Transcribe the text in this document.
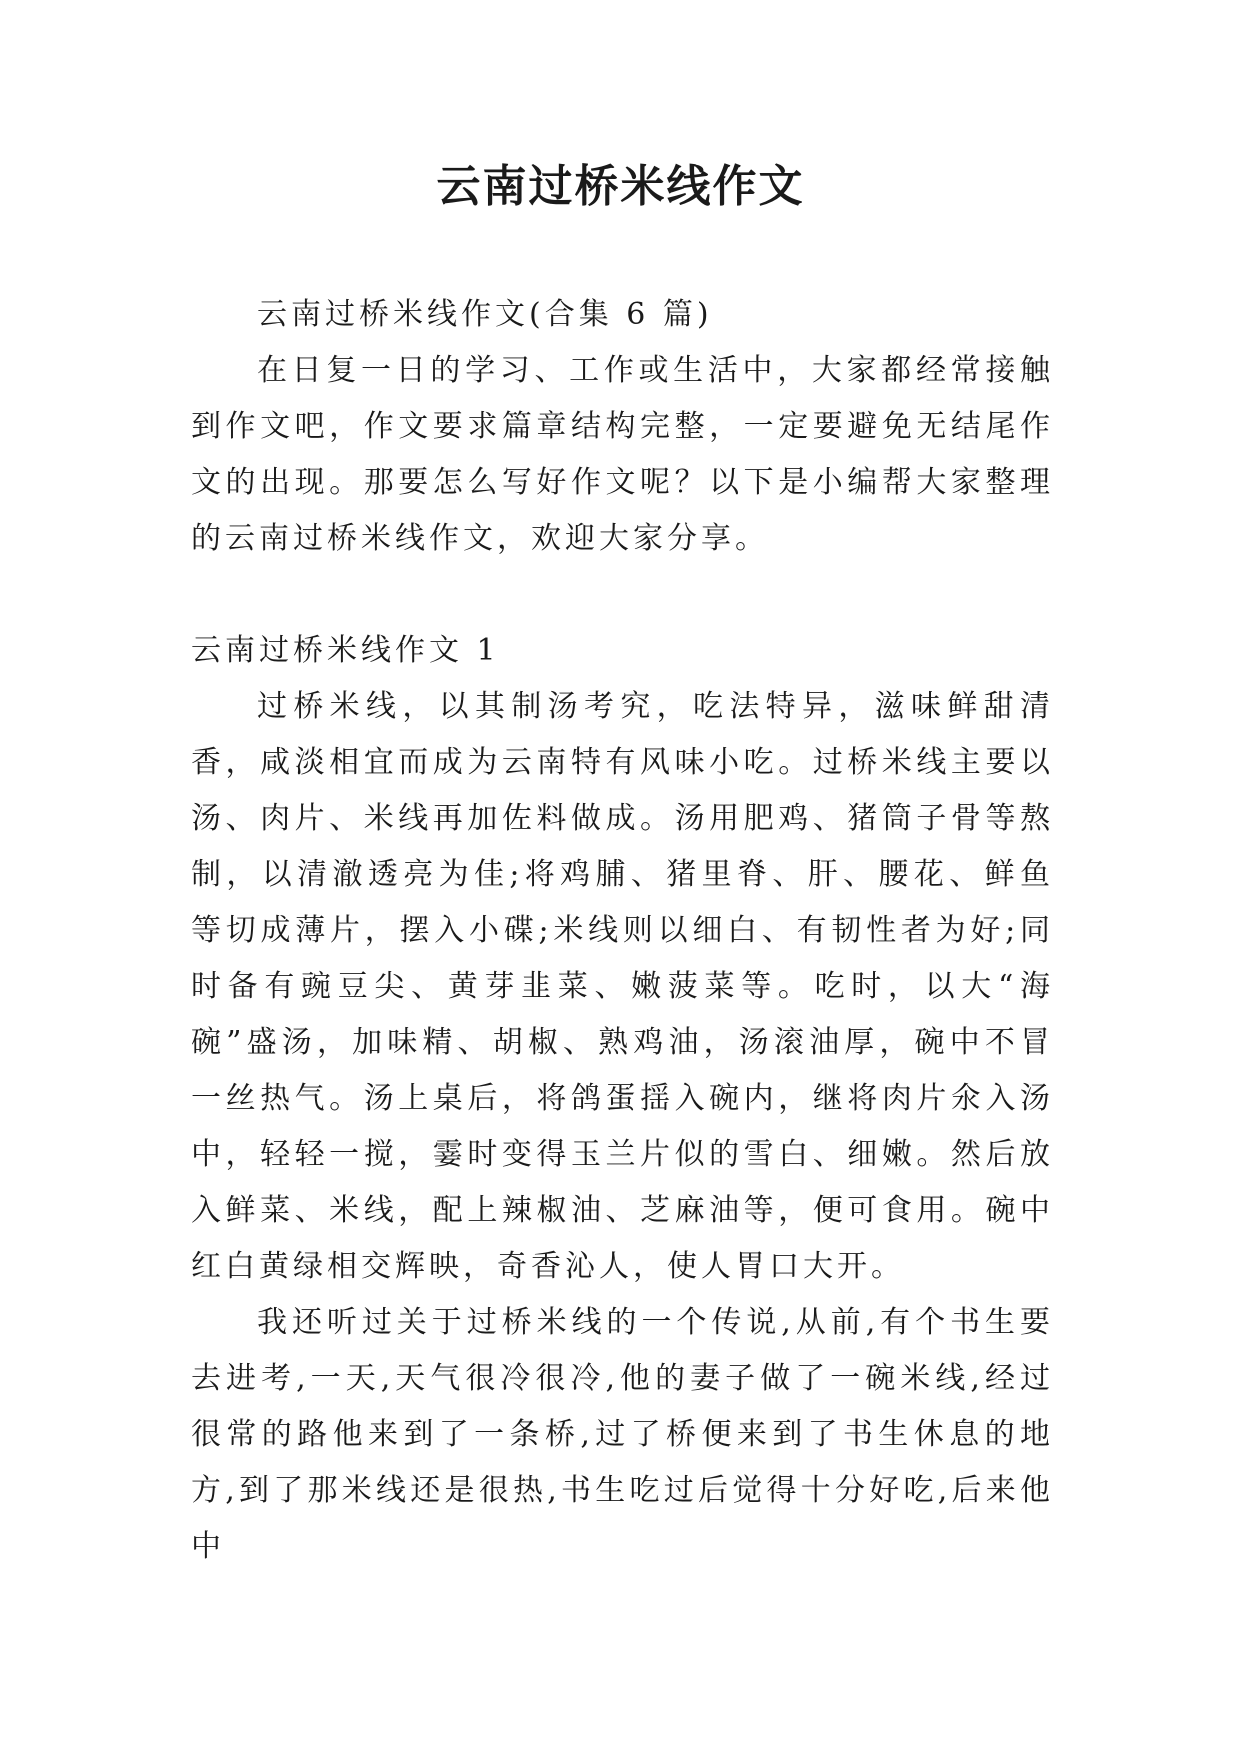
云南过桥米线作文

云南过桥米线作文(合集 6 篇)

在日复一日的学习、工作或生活中，大家都经常接触到作文吧，作文要求篇章结构完整，一定要避免无结尾作文的出现。那要怎么写好作文呢？以下是小编帮大家整理的云南过桥米线作文，欢迎大家分享。

云南过桥米线作文 1

过桥米线，以其制汤考究，吃法特异，滋味鲜甜清香，咸淡相宜而成为云南特有风味小吃。过桥米线主要以汤、肉片、米线再加佐料做成。汤用肥鸡、猪筒子骨等熬制，以清澈透亮为佳;将鸡脯、猪里脊、肝、腰花、鲜鱼等切成薄片，摆入小碟;米线则以细白、有韧性者为好;同时备有豌豆尖、黄芽韭菜、嫩菠菜等。吃时，以大“海碗”盛汤，加味精、胡椒、熟鸡油，汤滚油厚，碗中不冒一丝热气。汤上桌后，将鸽蛋揺入碗内，继将肉片氽入汤中，轻轻一搅，霎时变得玉兰片似的雪白、细嫩。然后放入鲜菜、米线，配上辣椒油、芝麻油等，便可食用。碗中红白黄绿相交辉映，奇香沁人，使人胃口大开。

我还听过关于过桥米线的一个传说,从前,有个书生要去进考,一天,天气很冷很冷,他的妻子做了一碗米线,经过很常的路他来到了一条桥,过了桥便来到了书生休息的地方,到了那米线还是很热,书生吃过后觉得十分好吃,后来他中
